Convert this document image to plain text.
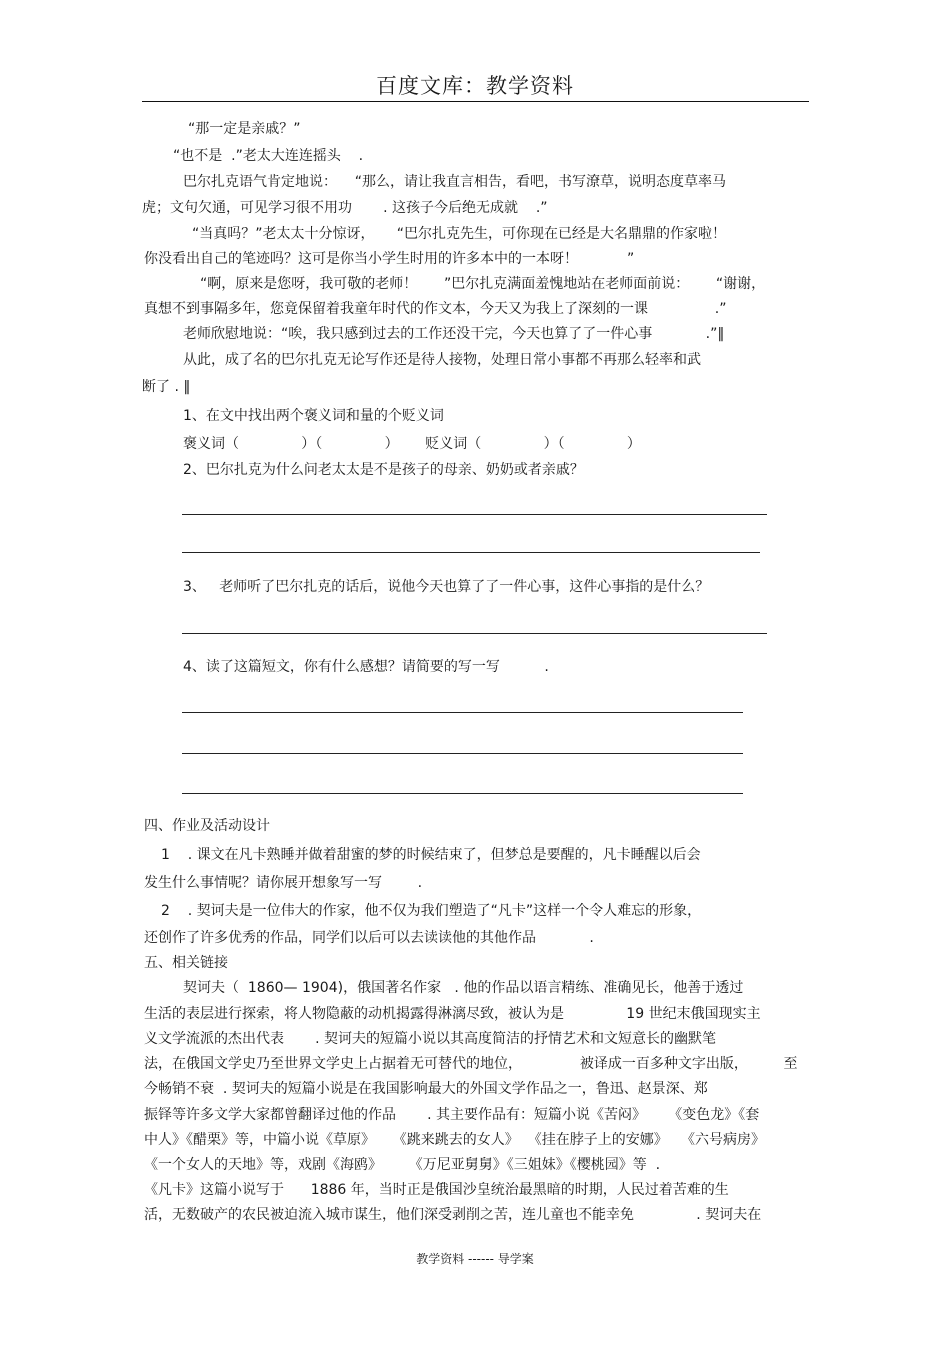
百度文库：教学资料
“那一定是亲戚？”
“也不是  .”老太大连连摇头    .
巴尔扎克语气肯定地说：    “那么，请让我直言相告，看吧，书写潦草，说明态度草率马
虎；文句欠通，可见学习很不用功       . 这孩子今后绝无成就    .”
“当真吗？”老太太十分惊讶，     “巴尔扎克先生，可你现在已经是大名鼎鼎的作家啦！
你没看出自己的笔迹吗？这可是你当小学生时用的许多本中的一本呀！           ”
“啊，原来是您呀，我可敬的老师！      ”巴尔扎克满面羞愧地站在老师面前说：      “谢谢，
真想不到事隔多年，您竟保留着我童年时代的作文本，今天又为我上了深刻的一课               .”
老师欣慰地说：“唉，我只感到过去的工作还没干完，今天也算了了一件心事            .”‖
从此，成了名的巴尔扎克无论写作还是待人接物，处理日常小事都不再那么轻率和武
断了 . ‖
1、在文中找出两个褒义词和量的个贬义词
褒义词（              ）（              ）      贬义词（              ）（              ）
2、巴尔扎克为什么问老太太是不是孩子的母亲、奶奶或者亲戚？
3、   老师听了巴尔扎克的话后，说他今天也算了了一件心事，这件心事指的是什么？
4、读了这篇短文，你有什么感想？请简要的写一写          .
四、作业及活动设计
1    . 课文在凡卡熟睡并做着甜蜜的梦的时候结束了，但梦总是要醒的，凡卡睡醒以后会
发生什么事情呢？请你展开想象写一写        .
2    . 契诃夫是一位伟大的作家，他不仅为我们塑造了“凡卡”这样一个令人难忘的形象，
还创作了许多优秀的作品，同学们以后可以去读读他的其他作品            .
五、相关链接
契诃夫（  1860— 1904)，俄国著名作家   . 他的作品以语言精练、准确见长，他善于透过
生活的表层进行探索，将人物隐蔽的动机揭露得淋漓尽致，被认为是              19 世纪末俄国现实主
义文学流派的杰出代表       . 契诃夫的短篇小说以其高度简洁的抒情艺术和文短意长的幽默笔
法，在俄国文学史乃至世界文学史上占据着无可替代的地位，             被译成一百多种文字出版，        至
今畅销不衰  . 契诃夫的短篇小说是在我国影响最大的外国文学作品之一，鲁迅、赵景深、郑
振铎等许多文学大家都曾翻译过他的作品       . 其主要作品有：短篇小说《苦闷》     《变色龙》《套
中人》《醋栗》等，中篇小说《草原》    《跳来跳去的女人》  《挂在脖子上的安娜》   《六号病房》
《一个女人的天地》等，戏剧《海鸥》      《万尼亚舅舅》《三姐妹》《樱桃园》等  .
《凡卡》这篇小说写于      1886 年，当时正是俄国沙皇统治最黑暗的时期，人民过着苦难的生
活，无数破产的农民被迫流入城市谋生，他们深受剥削之苦，连儿童也不能幸免              . 契诃夫在
教学资料 ------ 导学案
